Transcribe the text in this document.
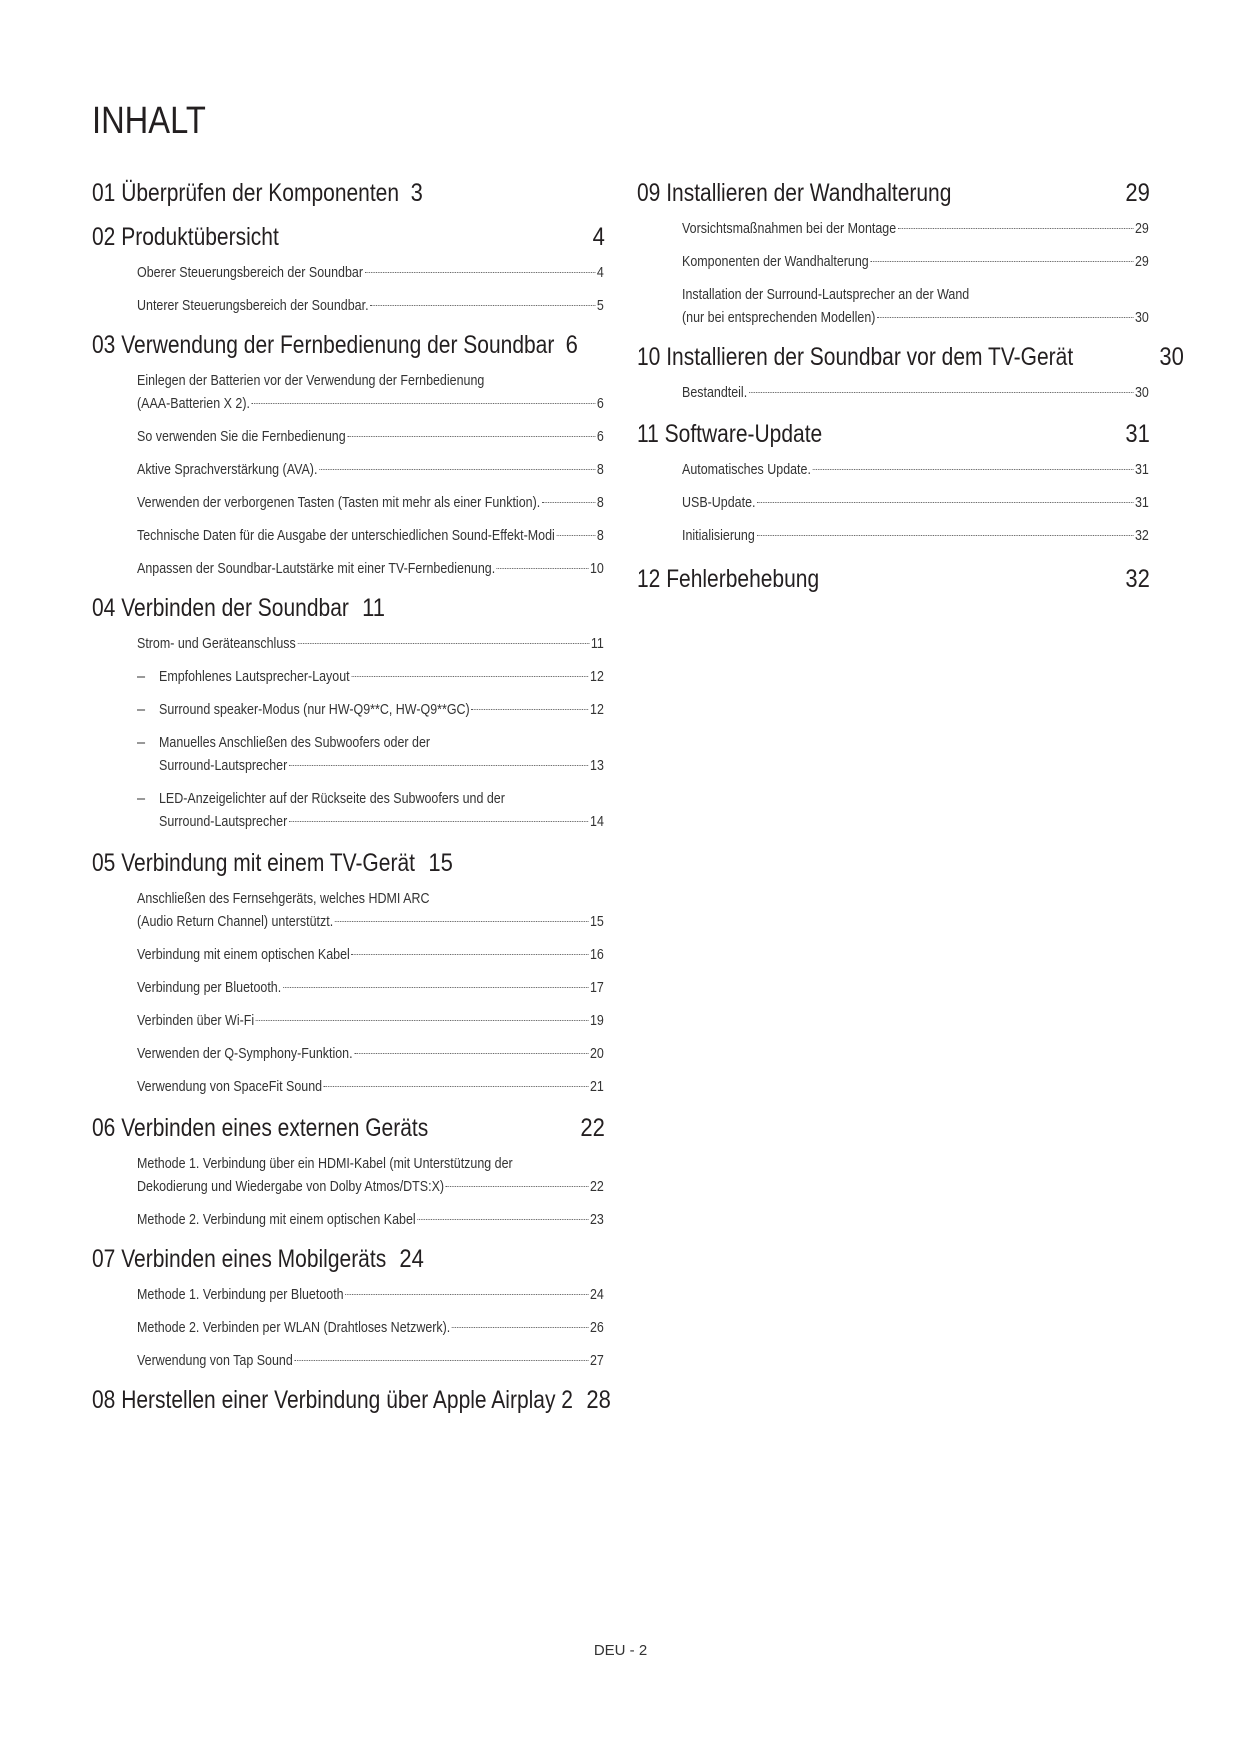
INHALT
01 Überprüfen der Komponenten 3
02 Produktübersicht	4
Oberer Steuerungsbereich der Soundbar	4
Unterer Steuerungsbereich der Soundbar.	5
03 Verwendung der Fernbedienung der Soundbar 6
Einlegen der Batterien vor der Verwendung der Fernbedienung
(AAA-Batterien X 2).	6
So verwenden Sie die Fernbedienung	6
Aktive Sprachverstärkung (AVA).	8
Verwenden der verborgenen Tasten (Tasten mit mehr als einer Funktion).	8
Technische Daten für die Ausgabe der unterschiedlichen Sound-Effekt-Modi	8
Anpassen der Soundbar-Lautstärke mit einer TV-Fernbedienung.	10
04 Verbinden der Soundbar 11
Strom- und Geräteanschluss	11
– Empfohlenes Lautsprecher-Layout	12
– Surround speaker-Modus (nur HW-Q9**C, HW-Q9**GC)	12
– Manuelles Anschließen des Subwoofers oder der
Surround-Lautsprecher	13
– LED-Anzeigelichter auf der Rückseite des Subwoofers und der
Surround-Lautsprecher	14
05 Verbindung mit einem TV-Gerät 15
Anschließen des Fernsehgeräts, welches HDMI ARC
(Audio Return Channel) unterstützt.	15
Verbindung mit einem optischen Kabel	16
Verbindung per Bluetooth.	17
Verbinden über Wi-Fi	19
Verwenden der Q-Symphony-Funktion.	20
Verwendung von SpaceFit Sound	21
06 Verbinden eines externen Geräts	22
Methode 1. Verbindung über ein HDMI-Kabel (mit Unterstützung der
Dekodierung und Wiedergabe von Dolby Atmos/DTS:X)	22
Methode 2. Verbindung mit einem optischen Kabel	23
07 Verbinden eines Mobilgeräts 24
Methode 1. Verbindung per Bluetooth	24
Methode 2. Verbinden per WLAN (Drahtloses Netzwerk).	26
Verwendung von Tap Sound	27
08 Herstellen einer Verbindung über Apple Airplay 2 28
09 Installieren der Wandhalterung	29
Vorsichtsmaßnahmen bei der Montage	29
Komponenten der Wandhalterung	29
Installation der Surround-Lautsprecher an der Wand
(nur bei entsprechenden Modellen)	30
10 Installieren der Soundbar vor dem TV-Gerät	30
Bestandteil.	30
11 Software-Update	31
Automatisches Update.	31
USB-Update.	31
Initialisierung	32
12 Fehlerbehebung	32
DEU - 2
